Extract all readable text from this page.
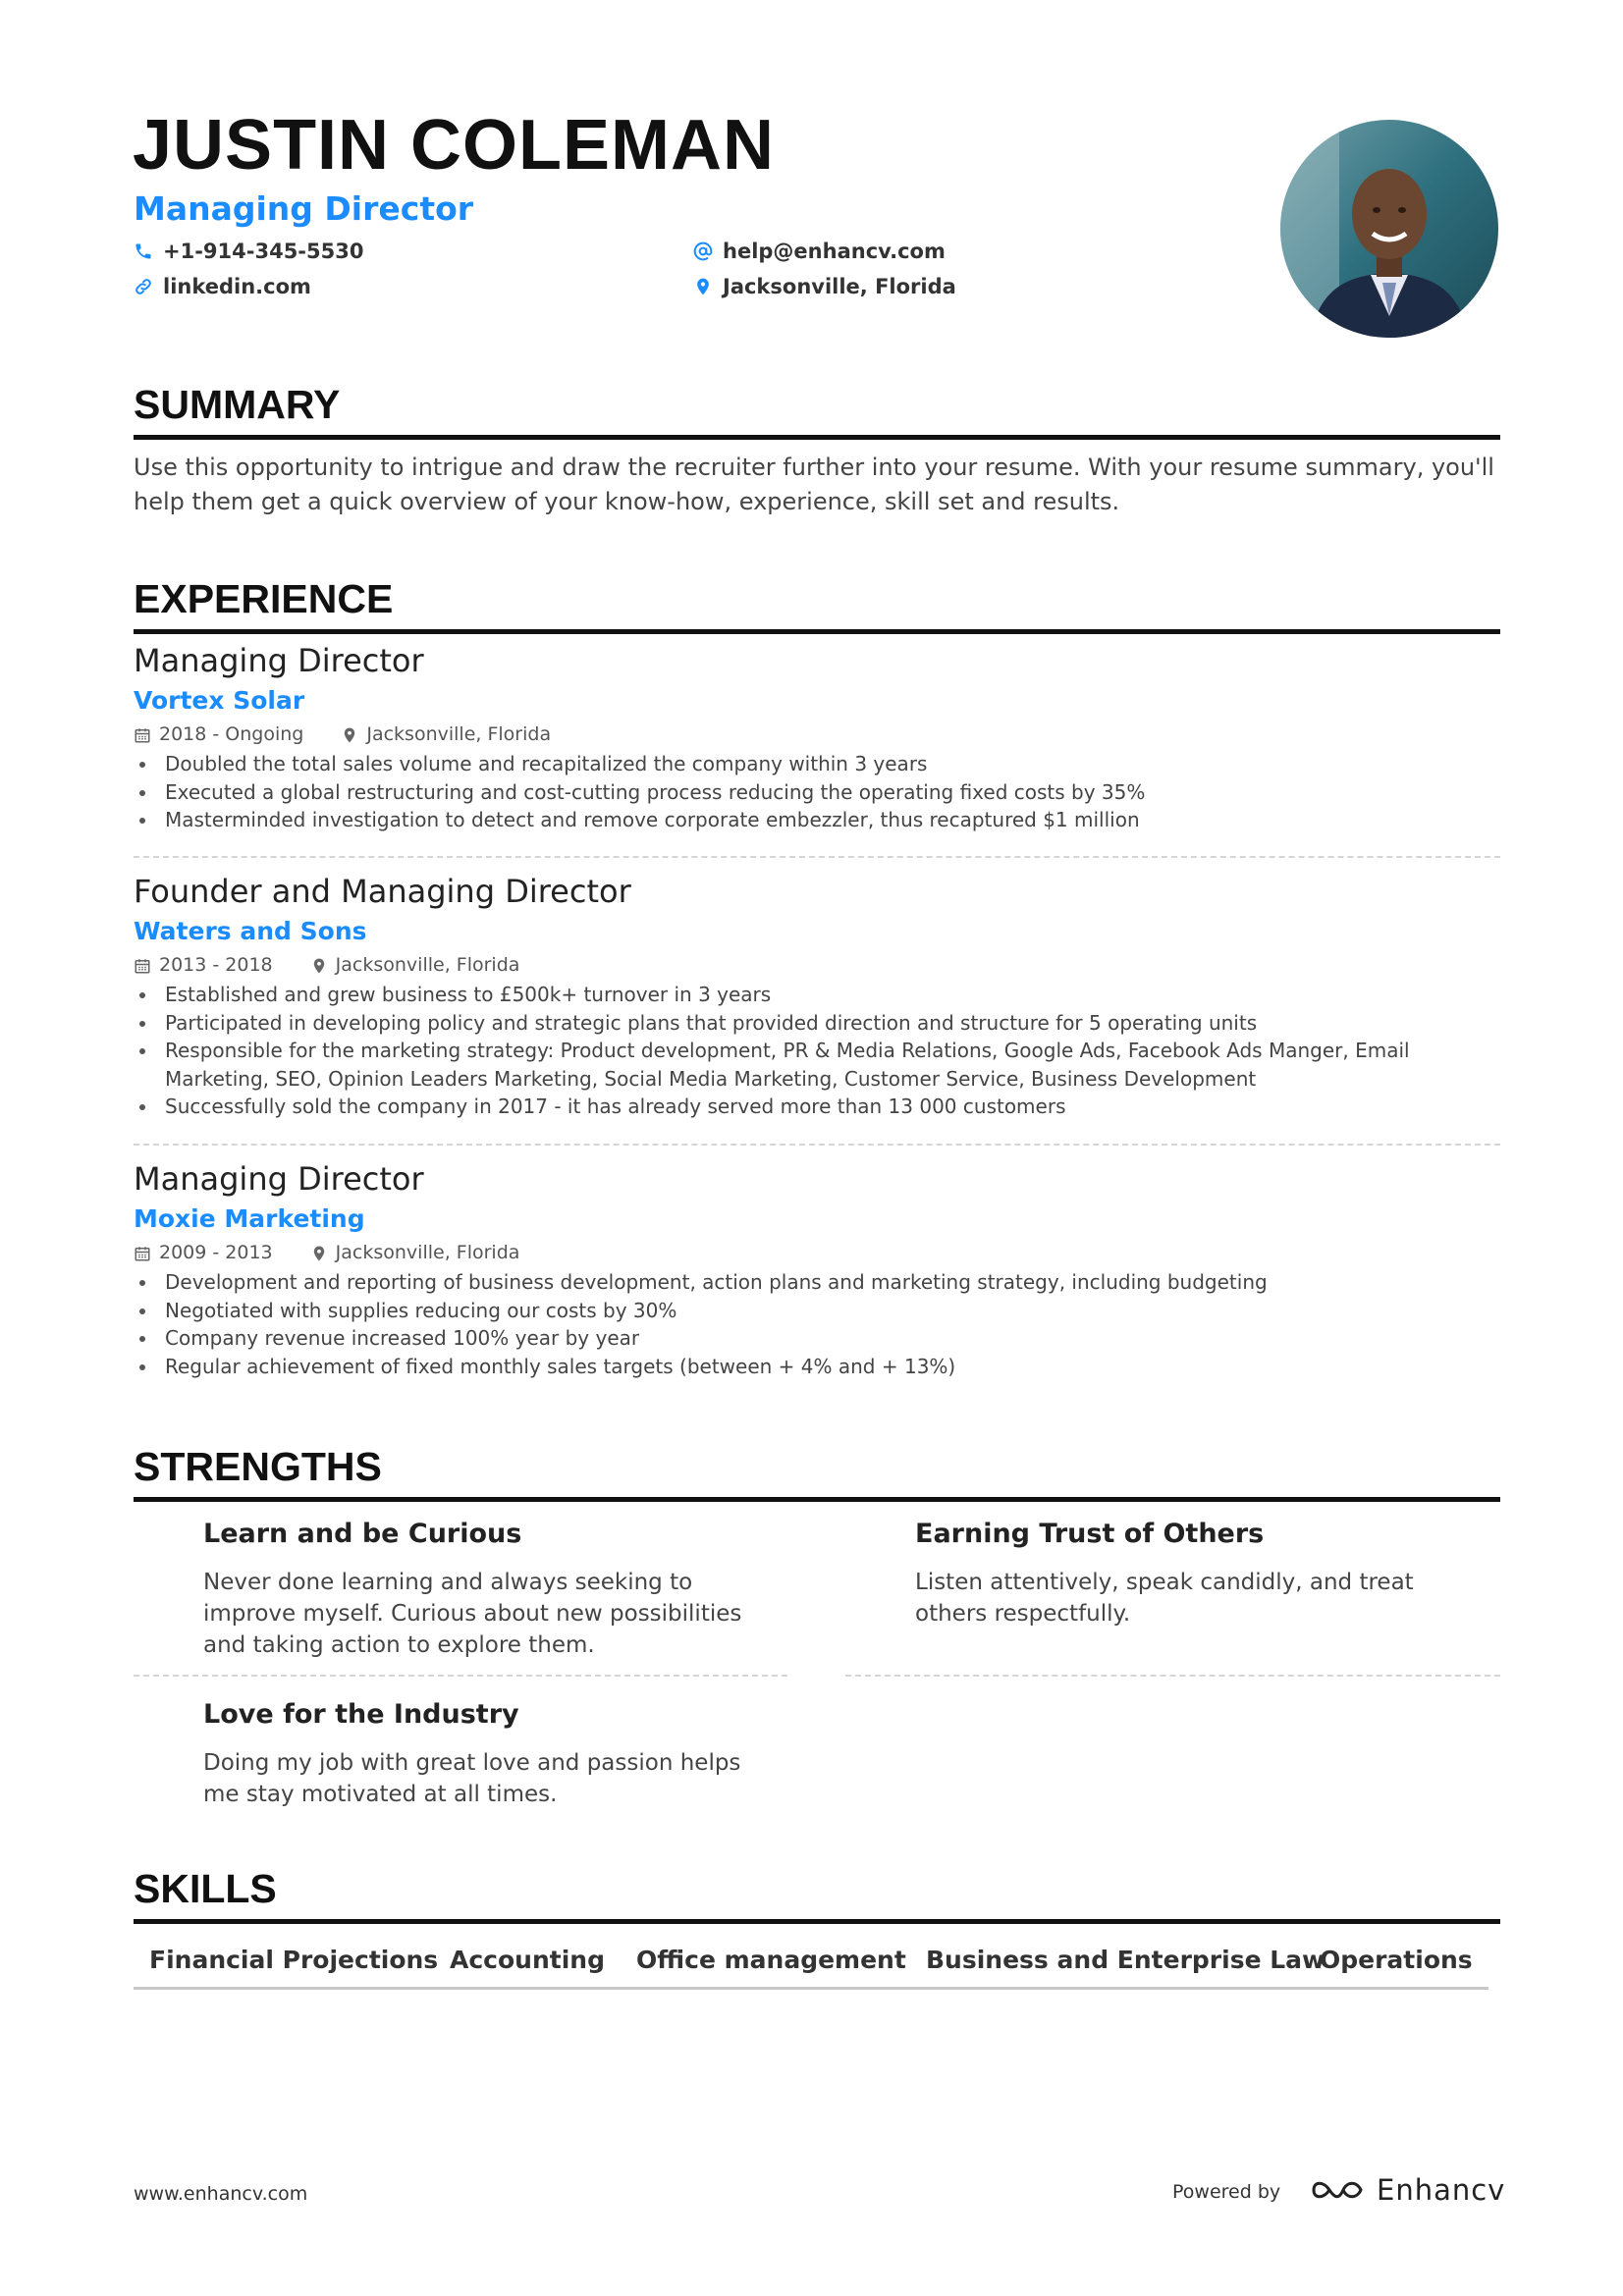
JUSTIN COLEMAN
Managing Director
+1-914-345-5530
linkedin.com
help@enhancv.com
Jacksonville, Florida
SUMMARY

Use this opportunity to intrigue and draw the recruiter further into your resume. With your resume summary, you'll help them get a quick overview of your know-how, experience, skill set and results.

EXPERIENCE
Managing Director
Vortex Solar
2018 - Ongoing	Jacksonville, Florida
Doubled the total sales volume and recapitalized the company within 3 years
Executed a global restructuring and cost-cutting process reducing the operating fixed costs by 35%
Masterminded investigation to detect and remove corporate embezzler, thus recaptured $1 million
Founder and Managing Director
Waters and Sons
2013 - 2018	Jacksonville, Florida
Established and grew business to £500k+ turnover in 3 years
Participated in developing policy and strategic plans that provided direction and structure for 5 operating units
Responsible for the marketing strategy: Product development, PR & Media Relations, Google Ads, Facebook Ads Manger, Email Marketing, SEO, Opinion Leaders Marketing, Social Media Marketing, Customer Service, Business Development
Successfully sold the company in 2017 - it has already served more than 13 000 customers
Managing Director
Moxie Marketing
2009 - 2013	Jacksonville, Florida
Development and reporting of business development, action plans and marketing strategy, including budgeting
Negotiated with supplies reducing our costs by 30%
Company revenue increased 100% year by year
Regular achievement of fixed monthly sales targets (between + 4% and + 13%)
STRENGTHS
Learn and be Curious

Never done learning and always seeking to improve myself. Curious about new possibilities and taking action to explore them.

Earning Trust of Others

Listen attentively, speak candidly, and treat others respectfully.

Love for the Industry

Doing my job with great love and passion helps me stay motivated at all times.

SKILLS
Financial Projections Accounting	Office management Business and Enterprise Law
Operations
www.enhancv.com	Powered by	Enhancv
